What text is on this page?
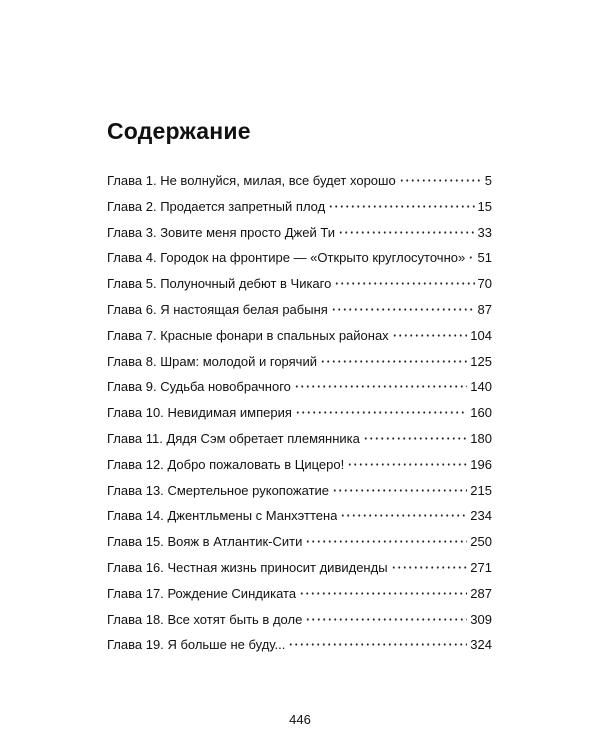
Содержание
Глава 1. Не волнуйся, милая, все будет хорошо	5
Глава 2. Продается запретный плод	15
Глава 3. Зовите меня просто Джей Ти	33
Глава 4. Городок на фронтире — «Открыто круглосуточно» 51
Глава 5. Полуночный дебют в Чикаго	70
Глава 6. Я настоящая белая рабыня	87
Глава 7. Красные фонари в спальных районах	104
Глава 8. Шрам: молодой и горячий	125
Глава 9. Судьба новобрачного	140
Глава 10. Невидимая империя	160
Глава 11. Дядя Сэм обретает племянника	180
Глава 12. Добро пожаловать в Цицеро!	196
Глава 13. Смертельное рукопожатие	215
Глава 14. Джентльмены с Манхэттена	234
Глава 15. Вояж в Атлантик-Сити	250
Глава 16. Честная жизнь приносит дивиденды	271
Глава 17. Рождение Синдиката	287
Глава 18. Все хотят быть в доле	309
Глава 19. Я больше не буду...	324
446
